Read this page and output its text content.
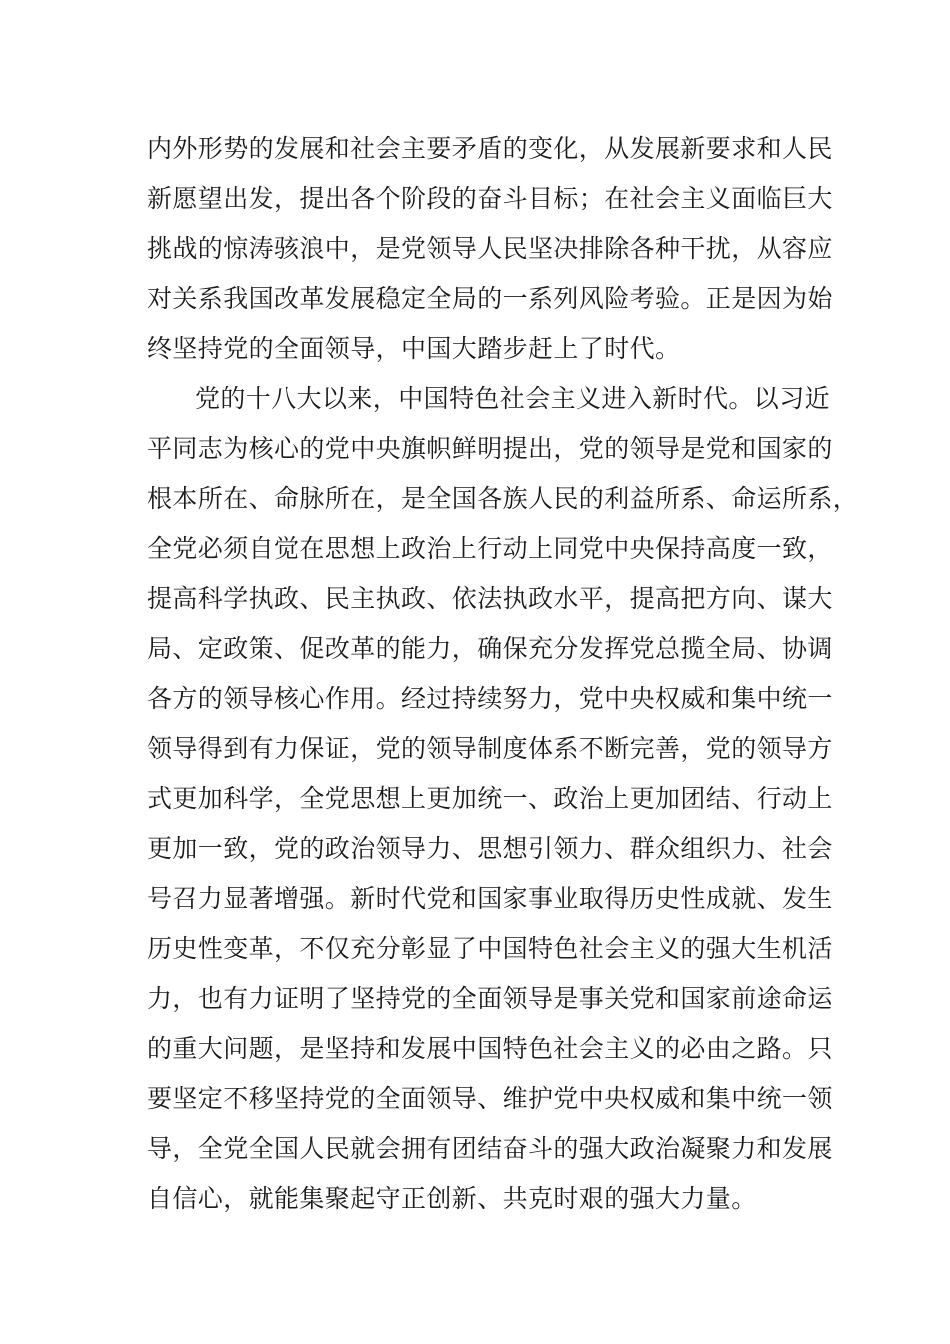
内外形势的发展和社会主要矛盾的变化，从发展新要求和人民
新愿望出发，提出各个阶段的奋斗目标；在社会主义面临巨大
挑战的惊涛骇浪中，是党领导人民坚决排除各种干扰，从容应
对关系我国改革发展稳定全局的一系列风险考验。正是因为始
终坚持党的全面领导，中国大踏步赶上了时代。
党的十八大以来，中国特色社会主义进入新时代。以习近
平同志为核心的党中央旗帜鲜明提出，党的领导是党和国家的
根本所在、命脉所在，是全国各族人民的利益所系、命运所系，
全党必须自觉在思想上政治上行动上同党中央保持高度一致，
提高科学执政、民主执政、依法执政水平，提高把方向、谋大
局、定政策、促改革的能力，确保充分发挥党总揽全局、协调
各方的领导核心作用。经过持续努力，党中央权威和集中统一
领导得到有力保证，党的领导制度体系不断完善，党的领导方
式更加科学，全党思想上更加统一、政治上更加团结、行动上
更加一致，党的政治领导力、思想引领力、群众组织力、社会
号召力显著增强。新时代党和国家事业取得历史性成就、发生
历史性变革，不仅充分彰显了中国特色社会主义的强大生机活
力，也有力证明了坚持党的全面领导是事关党和国家前途命运
的重大问题，是坚持和发展中国特色社会主义的必由之路。只
要坚定不移坚持党的全面领导、维护党中央权威和集中统一领
导，全党全国人民就会拥有团结奋斗的强大政治凝聚力和发展
自信心，就能集聚起守正创新、共克时艰的强大力量。
